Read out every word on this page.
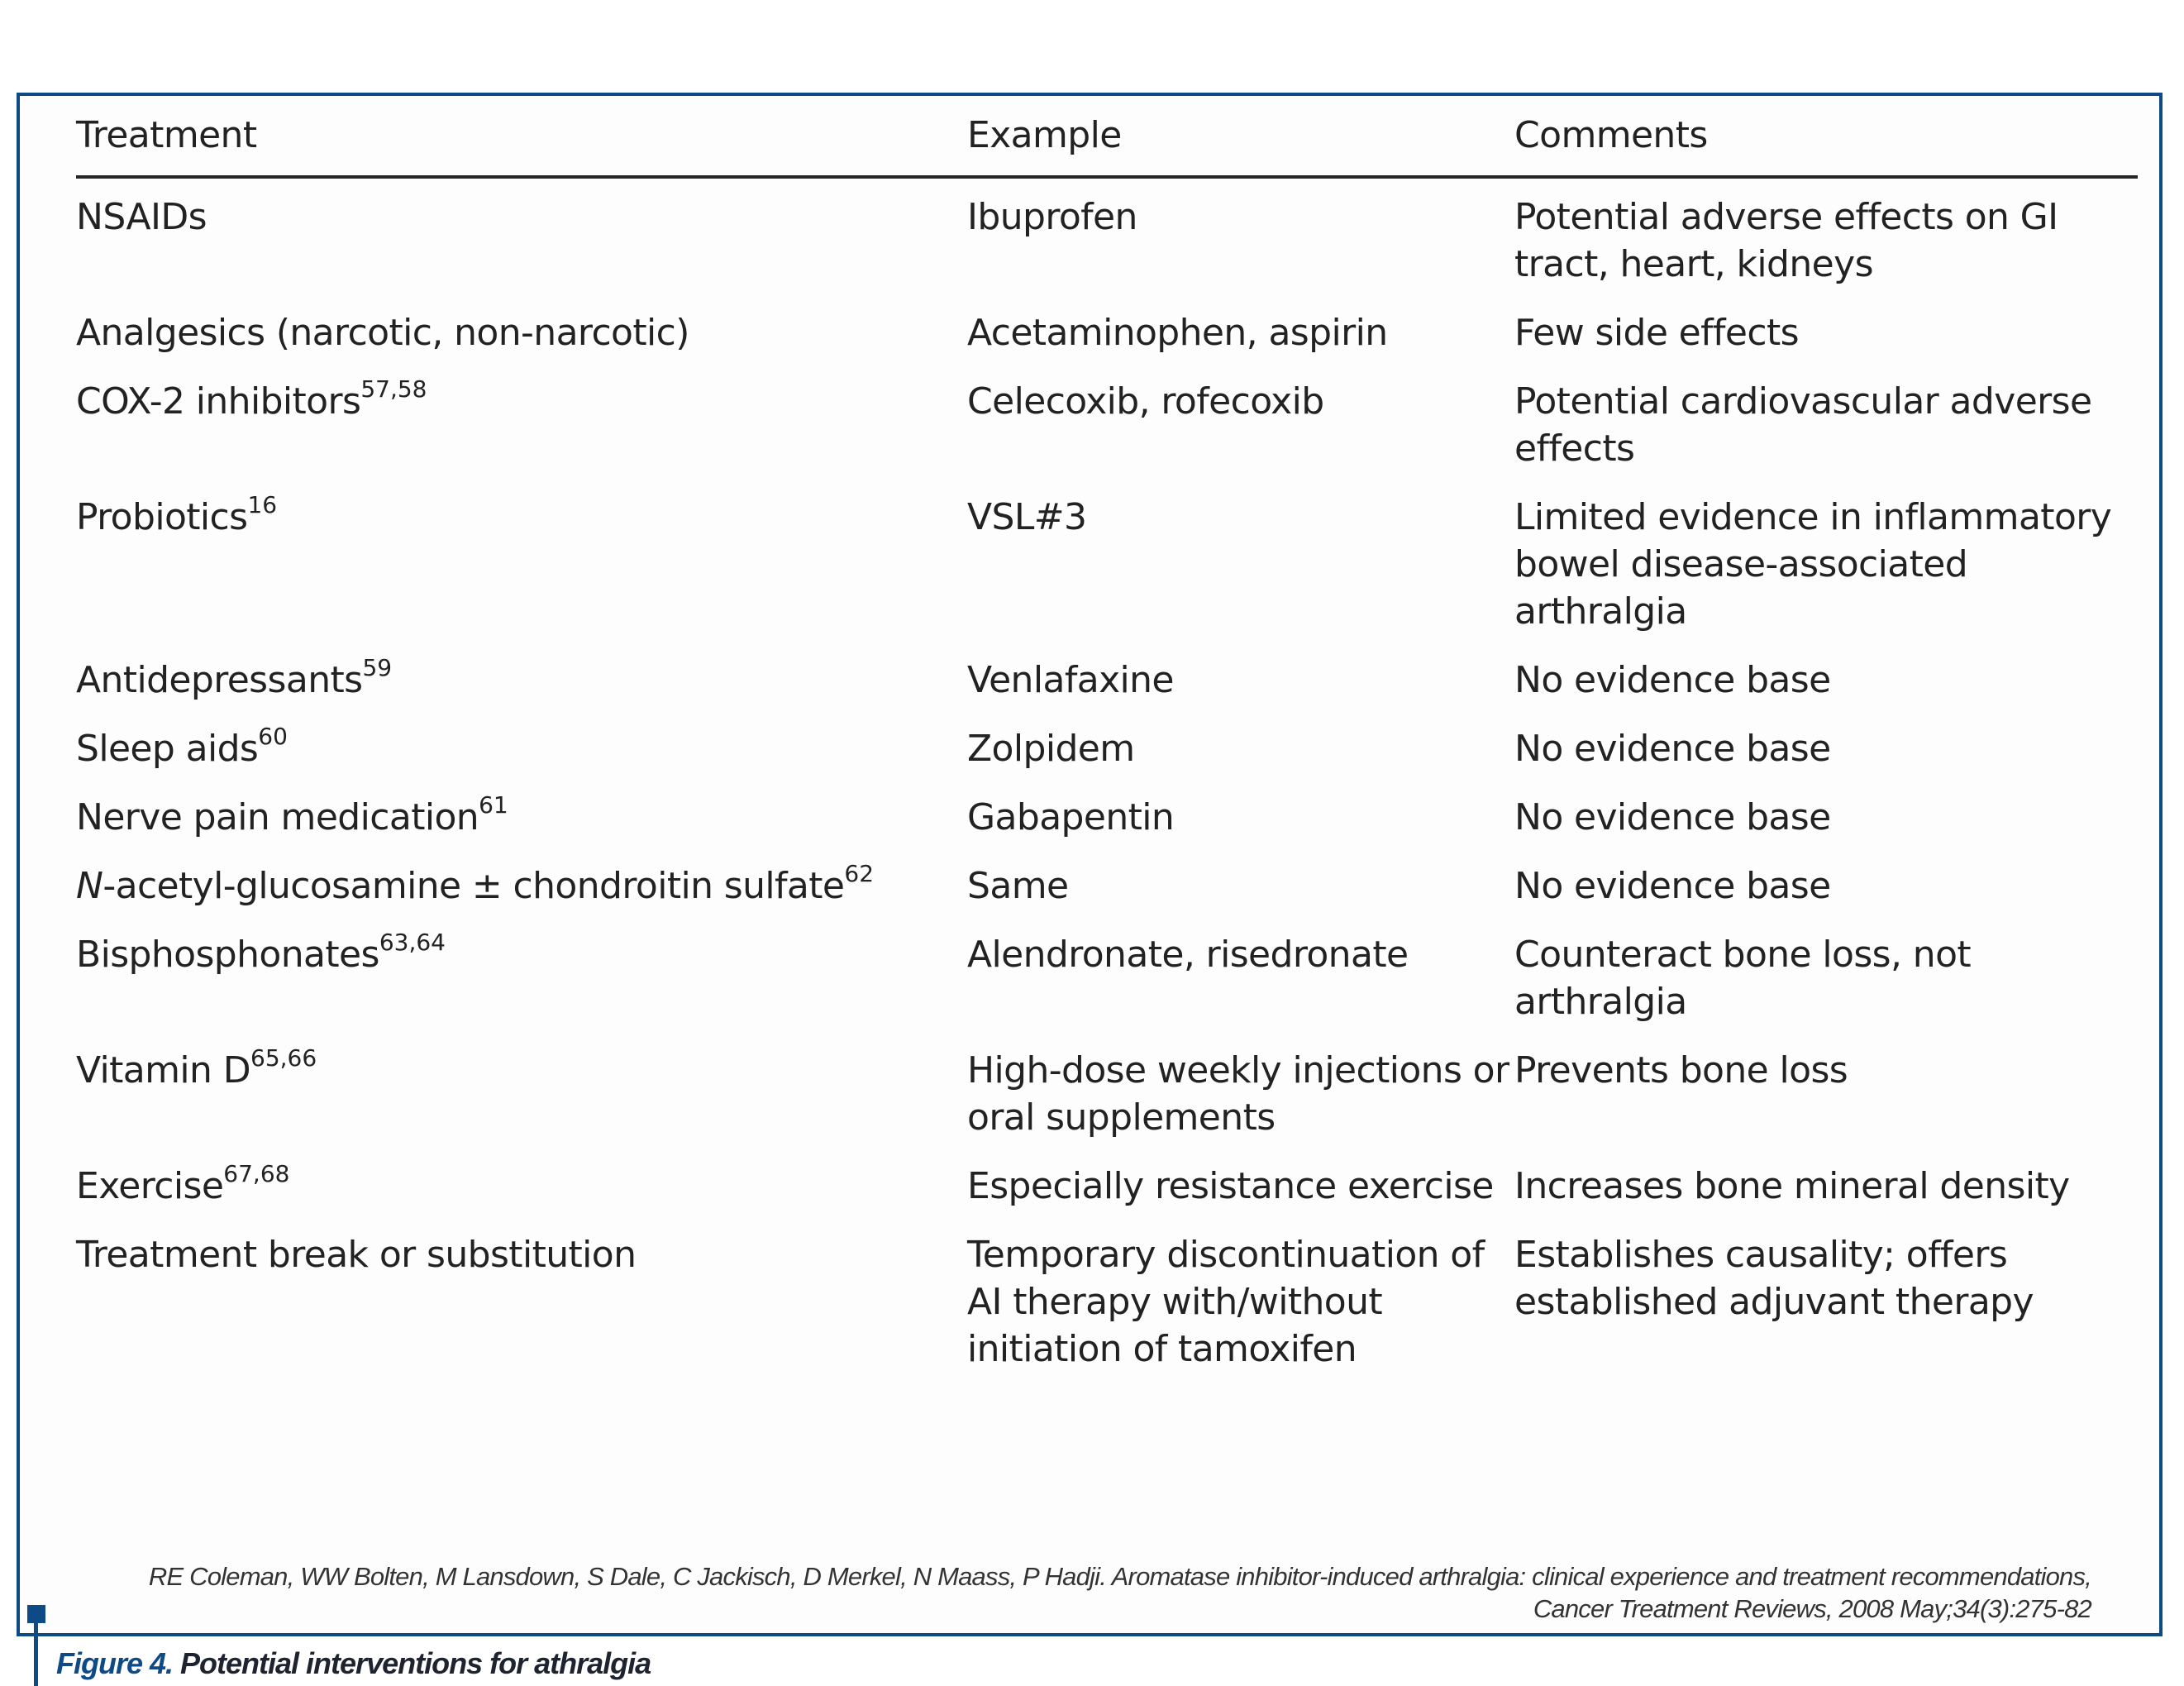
Treatment	Example	Comments
NSAIDs	Ibuprofen	Potential adverse effects on GI tract, heart, kidneys
Analgesics (narcotic, non-narcotic)	Acetaminophen, aspirin	Few side effects
COX-2 inhibitors$^{57,58}$	Celecoxib, rofecoxib	Potential cardiovascular adverse effects
Probiotics$^{16}$	VSL#3	Limited evidence in inflammatory bowel disease-associated arthralgia
Antidepressants$^{59}$	Venlafaxine	No evidence base
Sleep aids$^{60}$	Zolpidem	No evidence base
Nerve pain medication$^{61}$	Gabapentin	No evidence base
N-acetyl-glucosamine ± chondroitin sulfate$^{62}$	Same	No evidence base
Bisphosphonates$^{63,64}$	Alendronate, risedronate	Counteract bone loss, not arthralgia
Vitamin D$^{65,66}$	High-dose weekly injections or oral supplements	Prevents bone loss
Exercise$^{67,68}$	Especially resistance exercise	Increases bone mineral density
Treatment break or substitution	Temporary discontinuation of AI therapy with/without initiation of tamoxifen	Establishes causality; offers established adjuvant therapy
RE Coleman, WW Bolten, M Lansdown, S Dale, C Jackisch, D Merkel, N Maass, P Hadji. Aromatase inhibitor-induced arthralgia: clinical experience and treatment recommendations,
Cancer Treatment Reviews, 2008 May;34(3):275-82
Figure 4. Potential interventions for athralgia
